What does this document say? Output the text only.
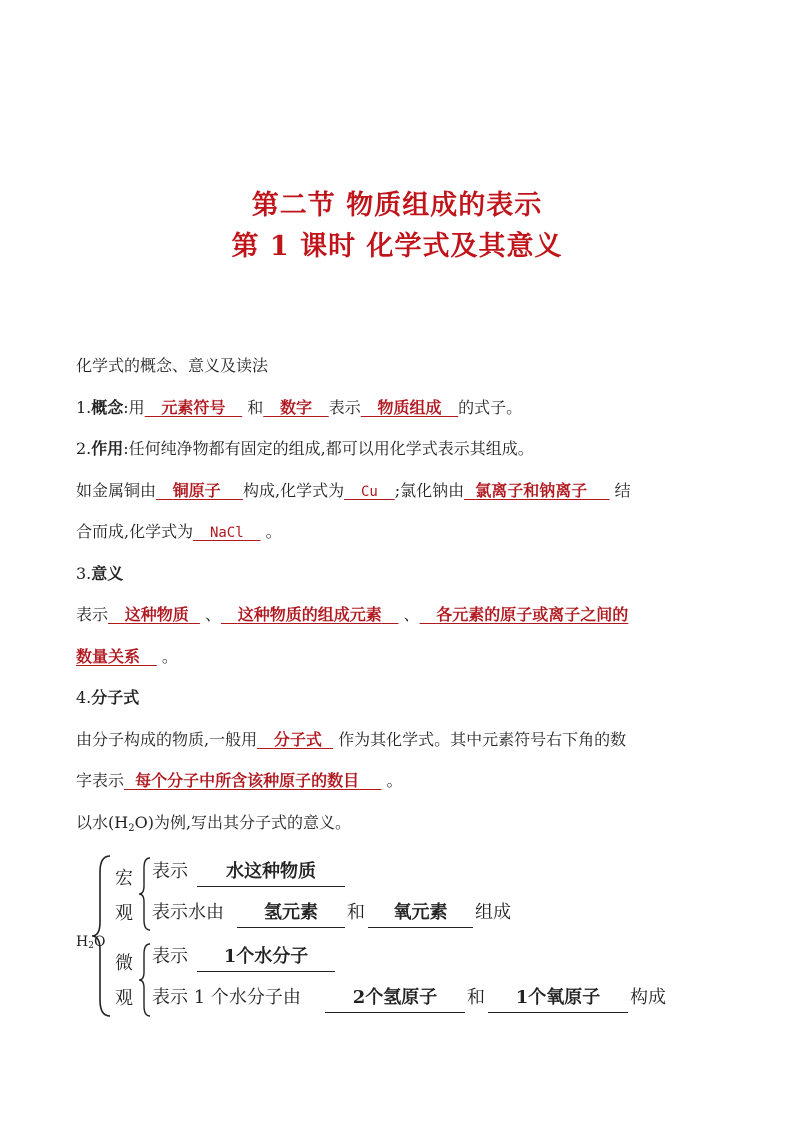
第二节 物质组成的表示
第 1 课时 化学式及其意义
化学式的概念、意义及读法
1.概念:用 元素符号 和 数字 表示 物质组成 的式子。
2.作用:任何纯净物都有固定的组成,都可以用化学式表示其组成。
如金属铜由 铜原子 构成,化学式为 Cu ;氯化钠由 氯离子和钠离子 结
合而成,化学式为 NaCl 。
3.意义
表示 这种物质 、 这种物质的组成元素 、 各元素的原子或离子之间的
数量关系 。
4.分子式
由分子构成的物质,一般用 分子式 作为其化学式。其中元素符号右下角的数
字表示 每个分子中所含该种原子的数目 。
以水$(H_2O)$为例,写出其分子式的意义。
H2O
宏
观
微
观
表示	水这种物质
表示水由	氢元素	和	氧元素	组成
表示	1个水分子
表示 1 个水分子由	2个氢原子	和	1个氧原子	构成
